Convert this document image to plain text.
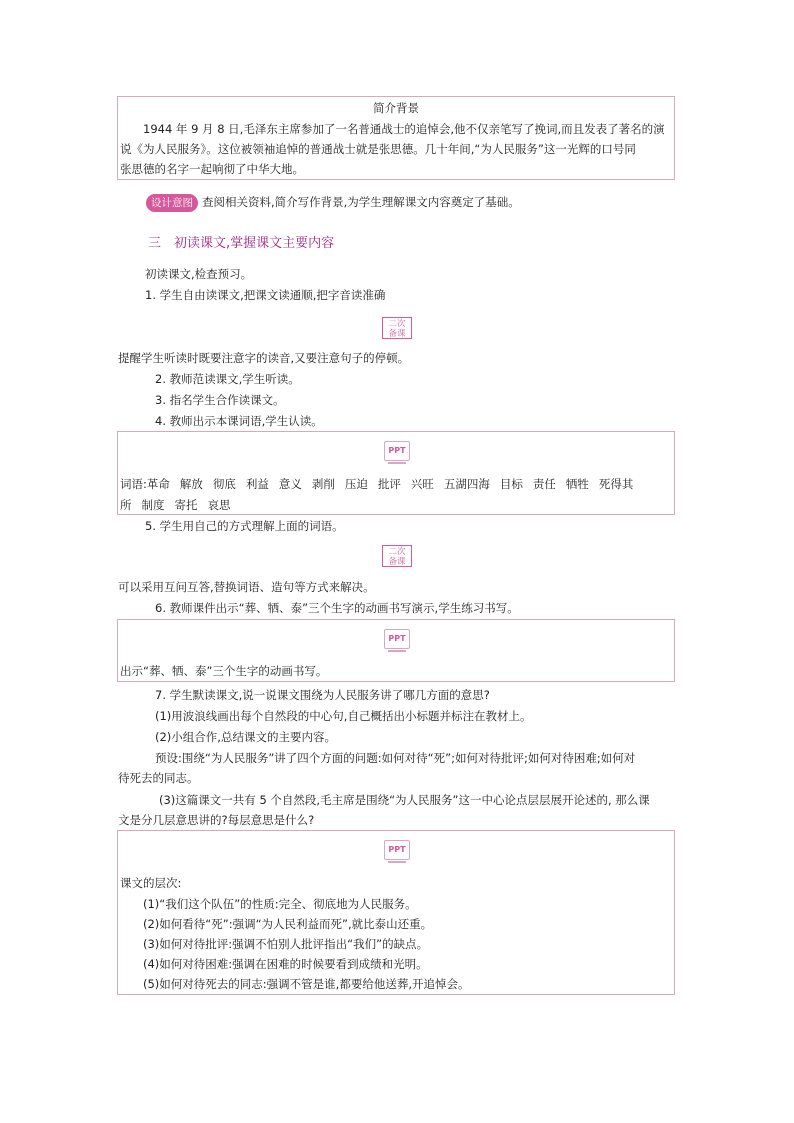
简介背景
1944 年 9 月 8 日,毛泽东主席参加了一名普通战士的追悼会,他不仅亲笔写了挽词,而且发表了著名的演
说《为人民服务》。这位被领袖追悼的普通战士就是张思德。几十年间,“为人民服务”这一光辉的口号同
张思德的名字一起响彻了中华大地。
设计意图 查阅相关资料,简介写作背景,为学生理解课文内容奠定了基础。
三　初读课文,掌握课文主要内容
初读课文,检查预习。
1. 学生自由读课文,把课文读通顺,把字音读准确
二次
备课
提醒学生听读时既要注意字的读音,又要注意句子的停顿。
2. 教师范读课文,学生听读。
3. 指名学生合作读课文。
4. 教师出示本课词语,学生认读。
PPT
词语:革命 解放 彻底 利益 意义 剥削 压迫 批评 兴旺 五湖四海 目标 责任 牺牲 死得其
所 制度 寄托 哀思
5. 学生用自己的方式理解上面的词语。
二次
备课
可以采用互问互答,替换词语、造句等方式来解决。
6. 教师课件出示“葬、牺、泰”三个生字的动画书写演示,学生练习书写。
PPT
出示“葬、牺、泰”三个生字的动画书写。
7. 学生默读课文,说一说课文围绕为人民服务讲了哪几方面的意思?
(1)用波浪线画出每个自然段的中心句,自己概括出小标题并标注在教材上。
(2)小组合作,总结课文的主要内容。
预设:围绕“为人民服务”讲了四个方面的问题:如何对待“死”;如何对待批评;如何对待困难;如何对
待死去的同志。
(3)这篇课文一共有 5 个自然段,毛主席是围绕“为人民服务”这一中心论点层层展开论述的, 那么课
文是分几层意思讲的?每层意思是什么?
PPT
课文的层次:
(1)“我们这个队伍”的性质:完全、彻底地为人民服务。
(2)如何看待“死”:强调“为人民利益而死”,就比泰山还重。
(3)如何对待批评:强调不怕别人批评指出“我们”的缺点。
(4)如何对待困难:强调在困难的时候要看到成绩和光明。
(5)如何对待死去的同志:强调不管是谁,都要给他送葬,开追悼会。
